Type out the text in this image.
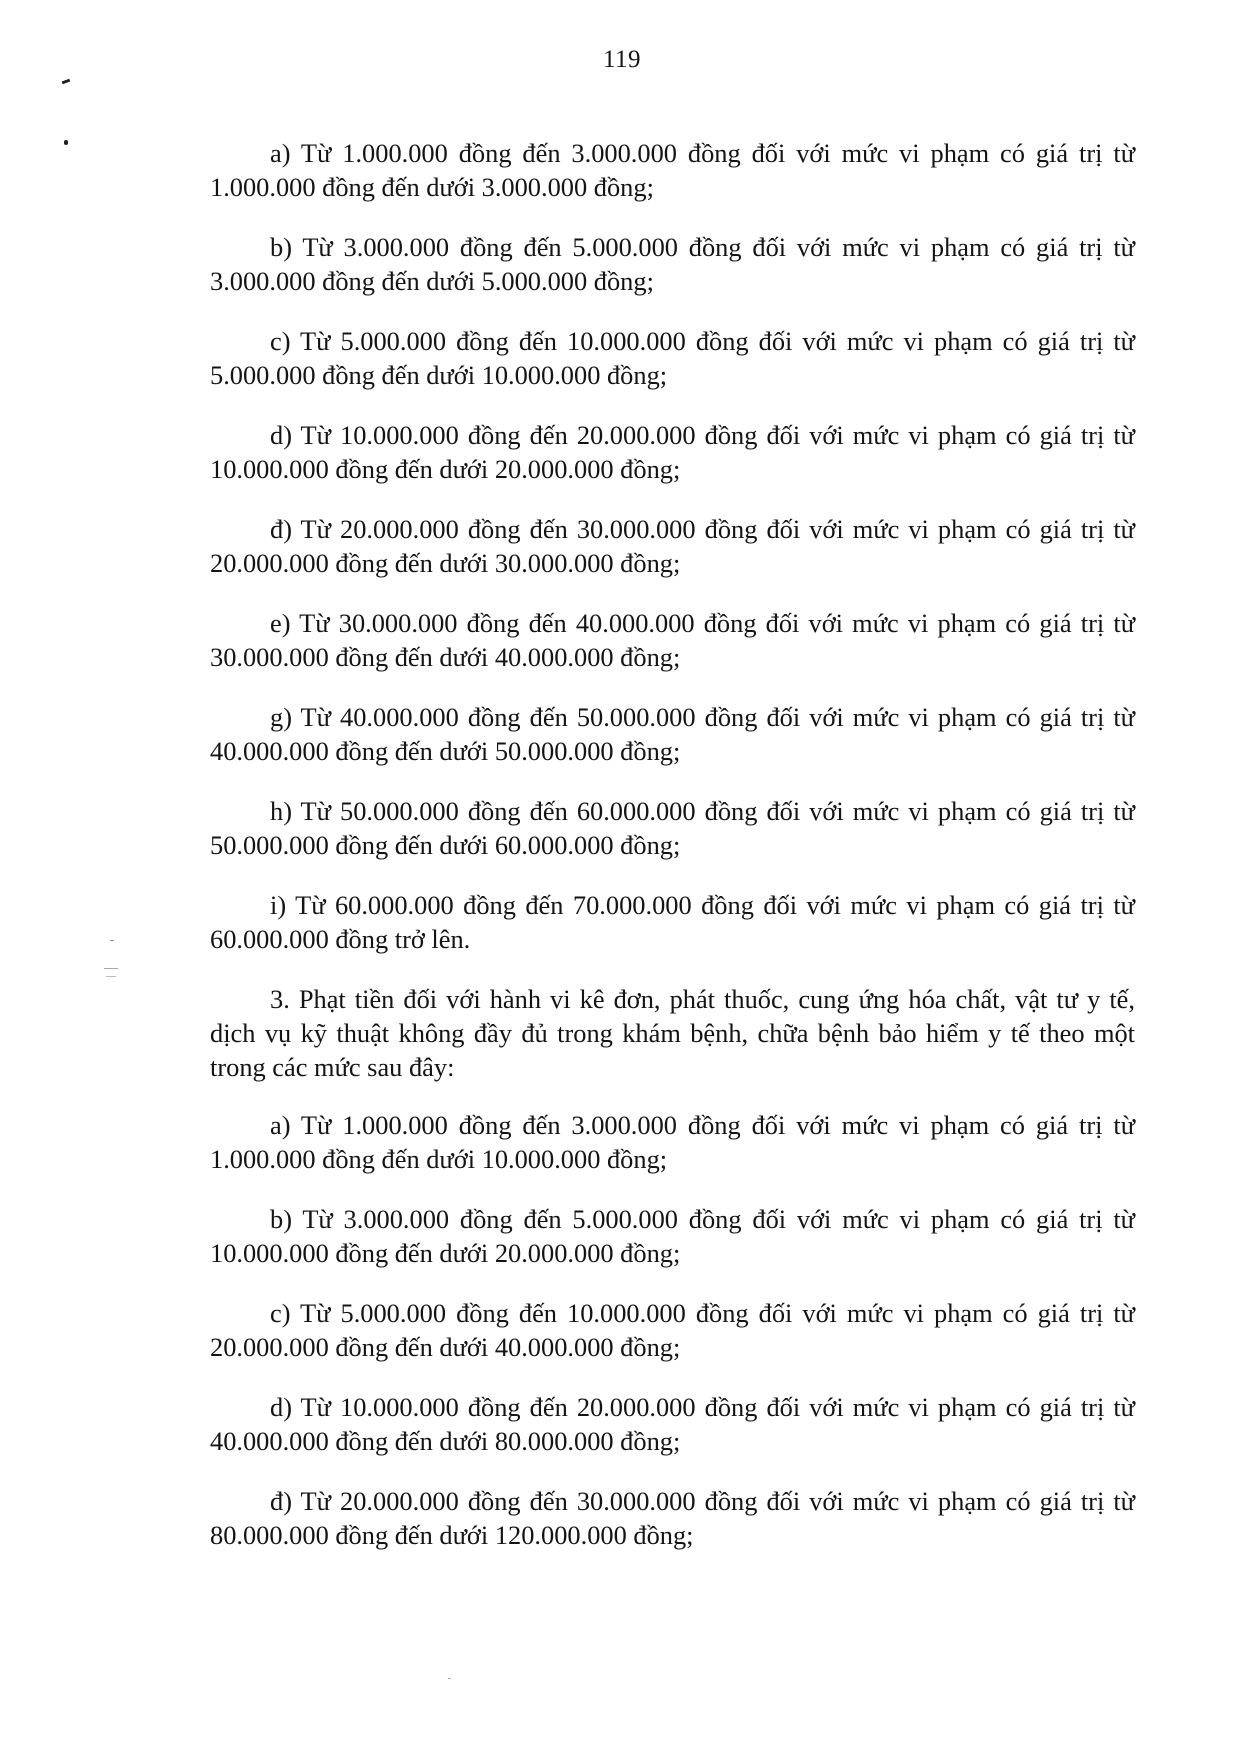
119

a) Từ 1.000.000 đồng đến 3.000.000 đồng đối với mức vi phạm có giá trị từ 1.000.000 đồng đến dưới 3.000.000 đồng;

b) Từ 3.000.000 đồng đến 5.000.000 đồng đối với mức vi phạm có giá trị từ 3.000.000 đồng đến dưới 5.000.000 đồng;

c) Từ 5.000.000 đồng đến 10.000.000 đồng đối với mức vi phạm có giá trị từ 5.000.000 đồng đến dưới 10.000.000 đồng;

d) Từ 10.000.000 đồng đến 20.000.000 đồng đối với mức vi phạm có giá trị từ 10.000.000 đồng đến dưới 20.000.000 đồng;

đ) Từ 20.000.000 đồng đến 30.000.000 đồng đối với mức vi phạm có giá trị từ 20.000.000 đồng đến dưới 30.000.000 đồng;

e) Từ 30.000.000 đồng đến 40.000.000 đồng đối với mức vi phạm có giá trị từ 30.000.000 đồng đến dưới 40.000.000 đồng;

g) Từ 40.000.000 đồng đến 50.000.000 đồng đối với mức vi phạm có giá trị từ 40.000.000 đồng đến dưới 50.000.000 đồng;

h) Từ 50.000.000 đồng đến 60.000.000 đồng đối với mức vi phạm có giá trị từ 50.000.000 đồng đến dưới 60.000.000 đồng;

i) Từ 60.000.000 đồng đến 70.000.000 đồng đối với mức vi phạm có giá trị từ 60.000.000 đồng trở lên.

3. Phạt tiền đối với hành vi kê đơn, phát thuốc, cung ứng hóa chất, vật tư y tế, dịch vụ kỹ thuật không đầy đủ trong khám bệnh, chữa bệnh bảo hiểm y tế theo một trong các mức sau đây:

a) Từ 1.000.000 đồng đến 3.000.000 đồng đối với mức vi phạm có giá trị từ 1.000.000 đồng đến dưới 10.000.000 đồng;

b) Từ 3.000.000 đồng đến 5.000.000 đồng đối với mức vi phạm có giá trị từ 10.000.000 đồng đến dưới 20.000.000 đồng;

c) Từ 5.000.000 đồng đến 10.000.000 đồng đối với mức vi phạm có giá trị từ 20.000.000 đồng đến dưới 40.000.000 đồng;

d) Từ 10.000.000 đồng đến 20.000.000 đồng đối với mức vi phạm có giá trị từ 40.000.000 đồng đến dưới 80.000.000 đồng;

đ) Từ 20.000.000 đồng đến 30.000.000 đồng đối với mức vi phạm có giá trị từ 80.000.000 đồng đến dưới 120.000.000 đồng;
